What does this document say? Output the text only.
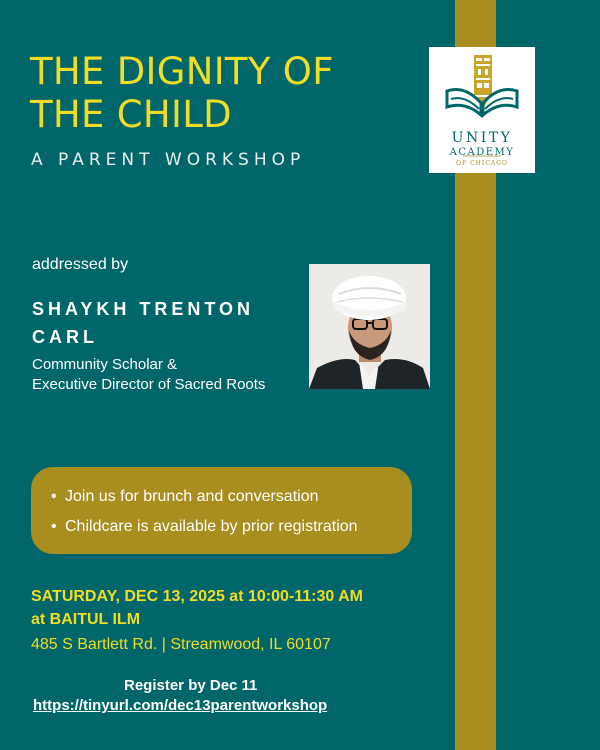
THE DIGNITY OF
THE CHILD
A PARENT WORKSHOP
UNITY
ACADEMY
OF CHICAGO
addressed by
SHAYKH TRENTON CARL
Community Scholar &
Executive Director of Sacred Roots
• Join us for brunch and conversation
• Childcare is available by prior registration
SATURDAY, DEC 13, 2025 at 10:00-11:30 AM
at BAITUL ILM
485 S Bartlett Rd. | Streamwood, IL 60107
Register by Dec 11
https://tinyurl.com/dec13parentworkshop
